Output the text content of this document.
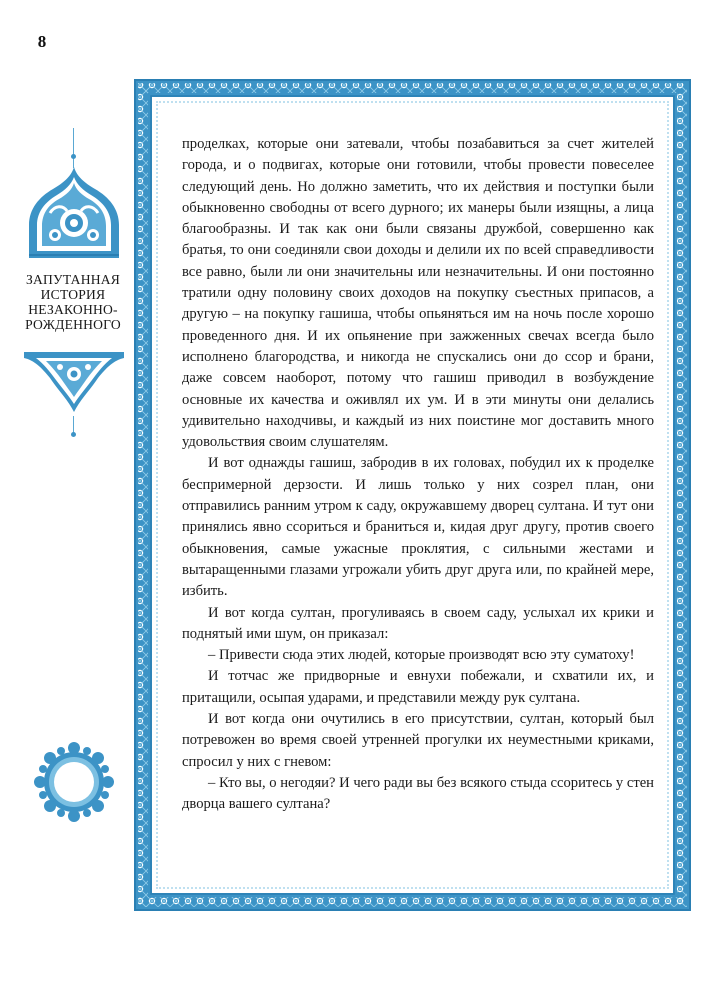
ЗАПУТАННАЯ
ИСТОРИЯ
НЕЗАКОННО-
РОЖДЕННОГО
8

проделках, которые они затевали, чтобы позабавиться за счет жителей города, и о подвигах, которые они готовили, чтобы провести повеселее следующий день. Но должно заметить, что их действия и поступки были обыкновенно свободны от всего дурного; их манеры были изящны, а лица благообразны. И так как они были связаны дружбой, совершенно как братья, то они соединяли свои доходы и делили их по всей справедливости все равно, были ли они значительны или незначительны. И они постоянно тратили одну половину своих доходов на покупку съестных припасов, а другую – на покупку гашиша, чтобы опьяняться им на ночь после хорошо проведенного дня. И их опьянение при зажженных свечах всегда было исполнено благородства, и никогда не спускались они до ссор и брани, даже совсем наоборот, потому что гашиш приводил в возбуждение основные их качества и оживлял их ум. И в эти минуты они делались удивительно находчивы, и каждый из них поистине мог доставить много удовольствия своим слушателям.

И вот однажды гашиш, забродив в их головах, побудил их к проделке беспримерной дерзости. И лишь только у них созрел план, они отправились ранним утром к саду, окружавшему дворец султана. И тут они принялись явно ссориться и браниться и, кидая друг другу, против своего обыкновения, самые ужасные проклятия, с сильными жестами и вытаращенными глазами угрожали убить друг друга или, по крайней мере, избить.

И вот когда султан, прогуливаясь в своем саду, услыхал их крики и поднятый ими шум, он приказал:

– Привести сюда этих людей, которые производят всю эту суматоху!

И тотчас же придворные и евнухи побежали, и схватили их, и притащили, осыпая ударами, и представили между рук султана.

И вот когда они очутились в его присутствии, султан, который был потревожен во время своей утренней прогулки их неуместными криками, спросил у них с гневом:

– Кто вы, о негодяи? И чего ради вы без всякого стыда ссоритесь у стен дворца вашего султана?
